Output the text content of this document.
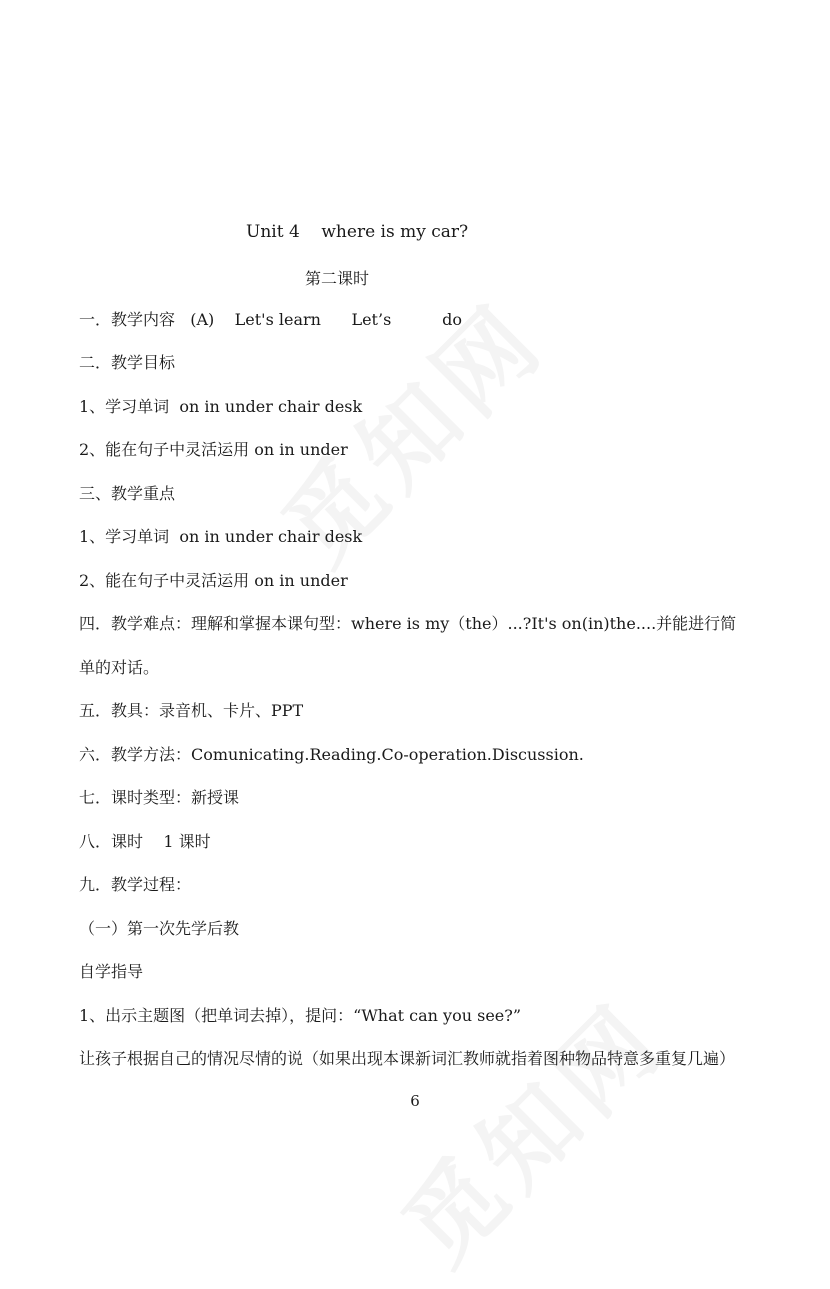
Unit 4    where is my car?
第二课时
一．教学内容   (A)    Let's learn      Let’s          do
二．教学目标
1、学习单词  on in under chair desk
2、能在句子中灵活运用 on in under
三、教学重点
1、学习单词  on in under chair desk
2、能在句子中灵活运用 on in under
四．教学难点：理解和掌握本课句型：where is my（the）...?It's on(in)the....并能进行简
单的对话。
五．教具：录音机、卡片、PPT
六．教学方法：Comunicating.Reading.Co-operation.Discussion.
七．课时类型：新授课
八．课时    1 课时
九．教学过程：
（一）第一次先学后教
自学指导
1、出示主题图（把单词去掉），提问：“What can you see?”
让孩子根据自己的情况尽情的说（如果出现本课新词汇教师就指着图种物品特意多重复几遍）
6
